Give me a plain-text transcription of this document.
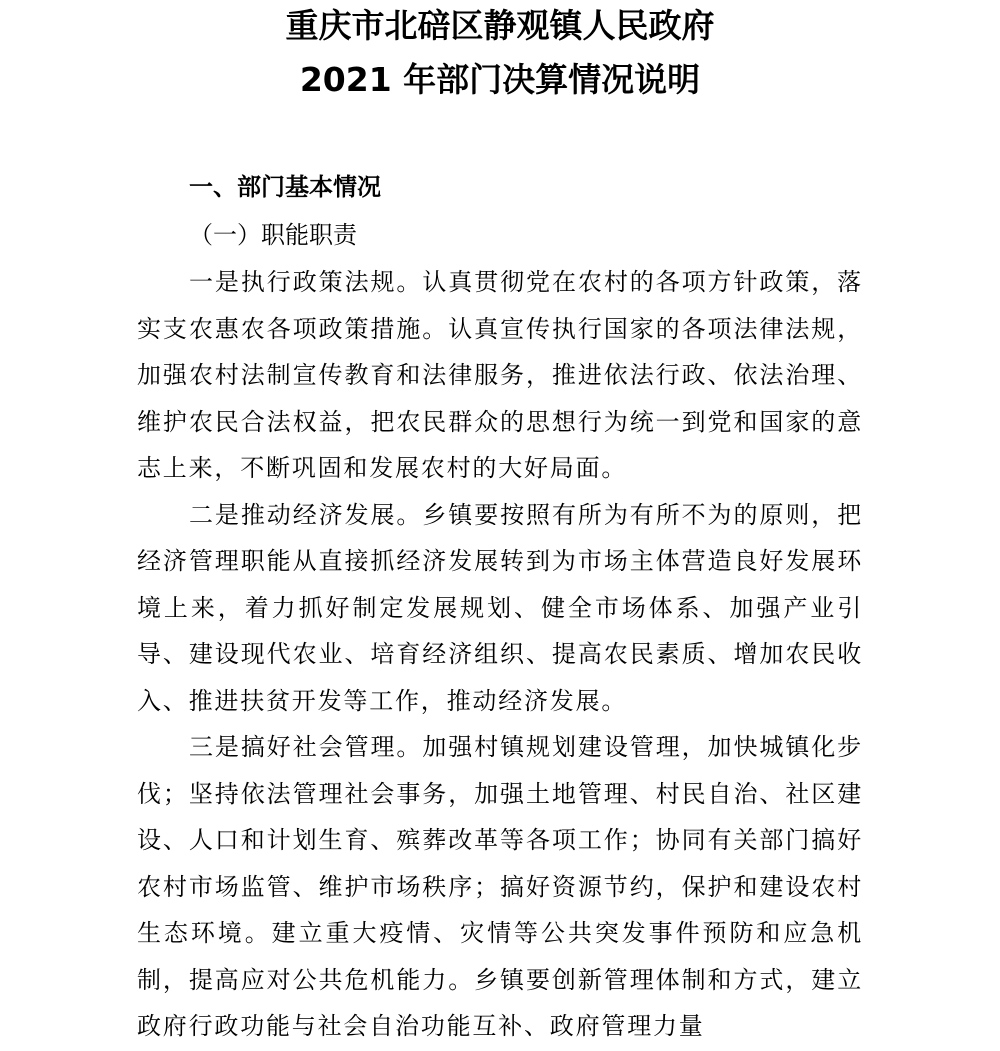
重庆市北碚区静观镇人民政府
2021 年部门决算情况说明

一、部门基本情况

（一）职能职责

一是执行政策法规。认真贯彻党在农村的各项方针政策，落实支农惠农各项政策措施。认真宣传执行国家的各项法律法规，加强农村法制宣传教育和法律服务，推进依法行政、依法治理、维护农民合法权益，把农民群众的思想行为统一到党和国家的意志上来，不断巩固和发展农村的大好局面。

二是推动经济发展。乡镇要按照有所为有所不为的原则，把经济管理职能从直接抓经济发展转到为市场主体营造良好发展环境上来，着力抓好制定发展规划、健全市场体系、加强产业引导、建设现代农业、培育经济组织、提高农民素质、增加农民收入、推进扶贫开发等工作，推动经济发展。

三是搞好社会管理。加强村镇规划建设管理，加快城镇化步伐；坚持依法管理社会事务，加强土地管理、村民自治、社区建设、人口和计划生育、殡葬改革等各项工作；协同有关部门搞好农村市场监管、维护市场秩序；搞好资源节约，保护和建设农村生态环境。建立重大疫情、灾情等公共突发事件预防和应急机制，提高应对公共危机能力。乡镇要创新管理体制和方式，建立政府行政功能与社会自治功能互补、政府管理力量
